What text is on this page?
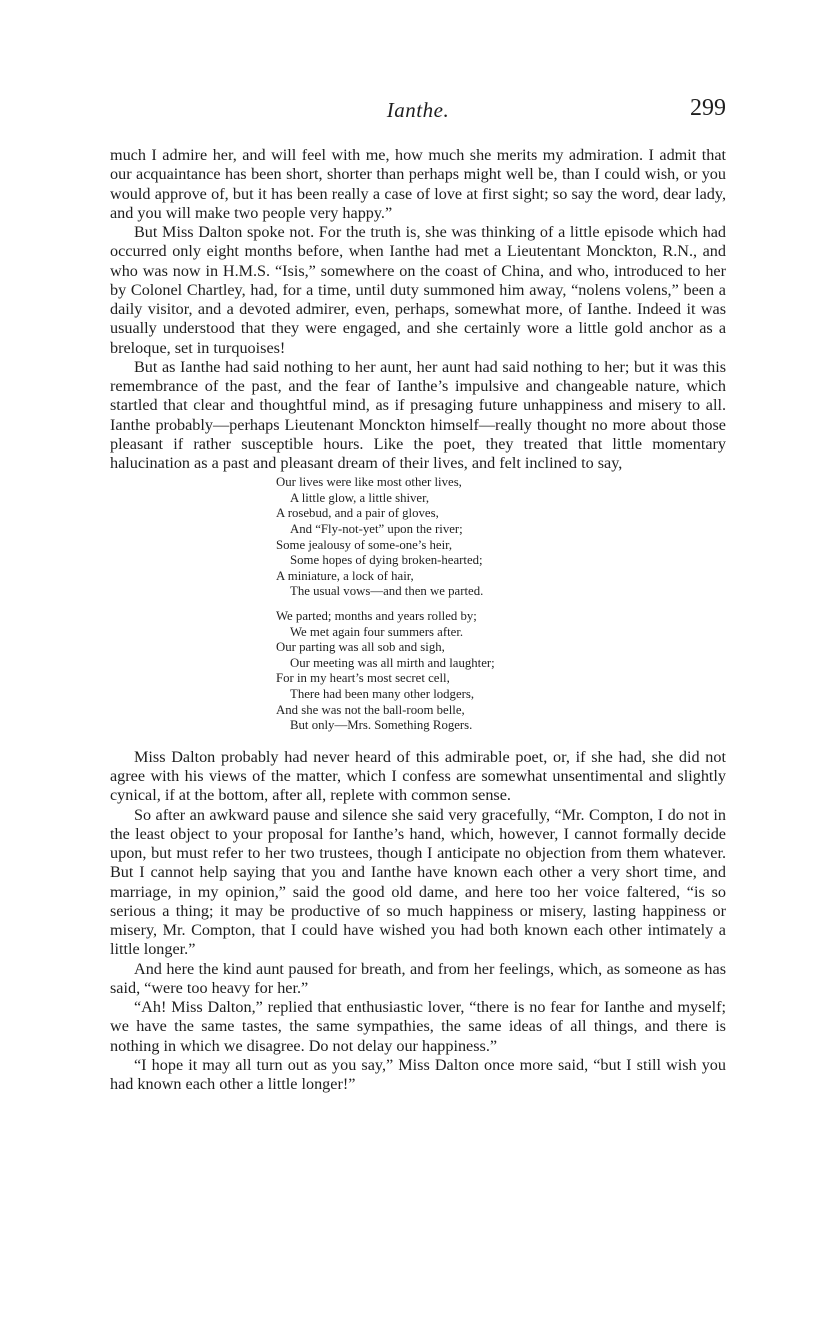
Ianthe.	299

much I admire her, and will feel with me, how much she merits my admiration. I admit that our acquaintance has been short, shorter than perhaps might well be, than I could wish, or you would approve of, but it has been really a case of love at first sight; so say the word, dear lady, and you will make two people very happy.”

But Miss Dalton spoke not. For the truth is, she was thinking of a little episode which had occurred only eight months before, when Ianthe had met a Lieutentant Monckton, R.N., and who was now in H.M.S. “Isis,” somewhere on the coast of China, and who, introduced to her by Colonel Chartley, had, for a time, until duty summoned him away, “nolens volens,” been a daily visitor, and a devoted admirer, even, perhaps, somewhat more, of Ianthe. Indeed it was usually understood that they were engaged, and she certainly wore a little gold anchor as a breloque, set in turquoises!

But as Ianthe had said nothing to her aunt, her aunt had said nothing to her; but it was this remembrance of the past, and the fear of Ianthe’s impulsive and changeable nature, which startled that clear and thoughtful mind, as if presaging future unhappiness and misery to all. Ianthe probably—perhaps Lieutenant Monckton himself—really thought no more about those pleasant if rather susceptible hours. Like the poet, they treated that little momentary halucination as a past and pleasant dream of their lives, and felt inclined to say,

Our lives were like most other lives,
A little glow, a little shiver,
A rosebud, and a pair of gloves,
And “Fly-not-yet” upon the river;
Some jealousy of some-one’s heir,
Some hopes of dying broken-hearted;
A miniature, a lock of hair,
The usual vows—and then we parted.
We parted; months and years rolled by;
We met again four summers after.
Our parting was all sob and sigh,
Our meeting was all mirth and laughter;
For in my heart’s most secret cell,
There had been many other lodgers,
And she was not the ball-room belle,
But only—Mrs. Something Rogers.

Miss Dalton probably had never heard of this admirable poet, or, if she had, she did not agree with his views of the matter, which I confess are somewhat unsentimental and slightly cynical, if at the bottom, after all, replete with common sense.

So after an awkward pause and silence she said very gracefully, “Mr. Compton, I do not in the least object to your proposal for Ianthe’s hand, which, however, I cannot formally decide upon, but must refer to her two trustees, though I anticipate no objection from them whatever. But I cannot help saying that you and Ianthe have known each other a very short time, and marriage, in my opinion,” said the good old dame, and here too her voice faltered, “is so serious a thing; it may be productive of so much happiness or misery, lasting happiness or misery, Mr. Compton, that I could have wished you had both known each other intimately a little longer.”

And here the kind aunt paused for breath, and from her feelings, which, as someone as has said, “were too heavy for her.”

“Ah! Miss Dalton,” replied that enthusiastic lover, “there is no fear for Ianthe and myself; we have the same tastes, the same sympathies, the same ideas of all things, and there is nothing in which we disagree. Do not delay our happiness.”

“I hope it may all turn out as you say,” Miss Dalton once more said, “but I still wish you had known each other a little longer!”
